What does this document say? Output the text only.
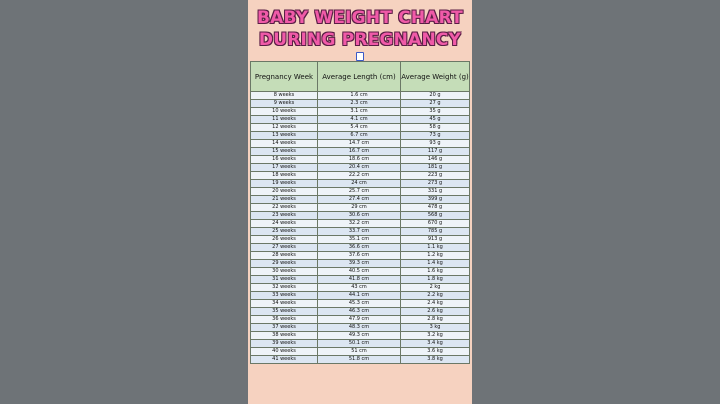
BABY WEIGHT CHART
DURING PREGNANCY
Pregnancy Week	Average Length (cm)	Average Weight (g)
8 weeks	1.6 cm	20 g
9 weeks	2.3 cm	27 g
10 weeks	3.1 cm	35 g
11 weeks	4.1 cm	45 g
12 weeks	5.4 cm	58 g
13 weeks	6.7 cm	73 g
14 weeks	14.7 cm	93 g
15 weeks	16.7 cm	117 g
16 weeks	18.6 cm	146 g
17 weeks	20.4 cm	181 g
18 weeks	22.2 cm	223 g
19 weeks	24 cm	273 g
20 weeks	25.7 cm	331 g
21 weeks	27.4 cm	399 g
22 weeks	29 cm	478 g
23 weeks	30.6 cm	568 g
24 weeks	32.2 cm	670 g
25 weeks	33.7 cm	785 g
26 weeks	35.1 cm	913 g
27 weeks	36.6 cm	1.1 kg
28 weeks	37.6 cm	1.2 kg
29 weeks	39.3 cm	1.4 kg
30 weeks	40.5 cm	1.6 kg
31 weeks	41.8 cm	1.8 kg
32 weeks	43 cm	2 kg
33 weeks	44.1 cm	2.2 kg
34 weeks	45.3 cm	2.4 kg
35 weeks	46.3 cm	2.6 kg
36 weeks	47.9 cm	2.8 kg
37 weeks	48.3 cm	3 kg
38 weeks	49.3 cm	3.2 kg
39 weeks	50.1 cm	3.4 kg
40 weeks	51 cm	3.6 kg
41 weeks	51.8 cm	3.8 kg
